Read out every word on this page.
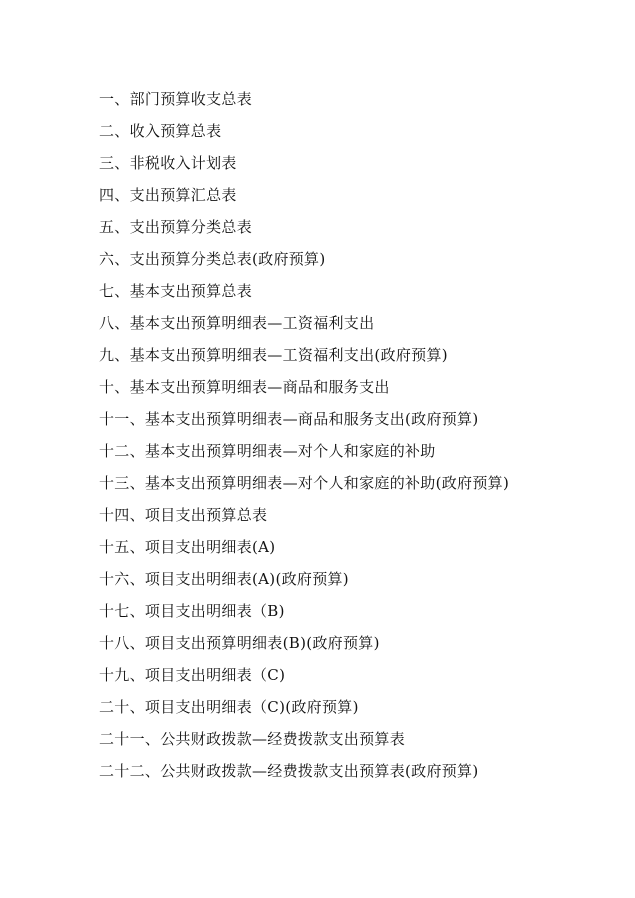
一、部门预算收支总表
二、收入预算总表
三、非税收入计划表
四、支出预算汇总表
五、支出预算分类总表
六、支出预算分类总表(政府预算)
七、基本支出预算总表
八、基本支出预算明细表—工资福利支出
九、基本支出预算明细表—工资福利支出(政府预算)
十、基本支出预算明细表—商品和服务支出
十一、基本支出预算明细表—商品和服务支出(政府预算)
十二、基本支出预算明细表—对个人和家庭的补助
十三、基本支出预算明细表—对个人和家庭的补助(政府预算)
十四、项目支出预算总表
十五、项目支出明细表(A)
十六、项目支出明细表(A)(政府预算)
十七、项目支出明细表（B)
十八、项目支出预算明细表(B)(政府预算)
十九、项目支出明细表（C)
二十、项目支出明细表（C)(政府预算)
二十一、公共财政拨款—经费拨款支出预算表
二十二、公共财政拨款—经费拨款支出预算表(政府预算)
